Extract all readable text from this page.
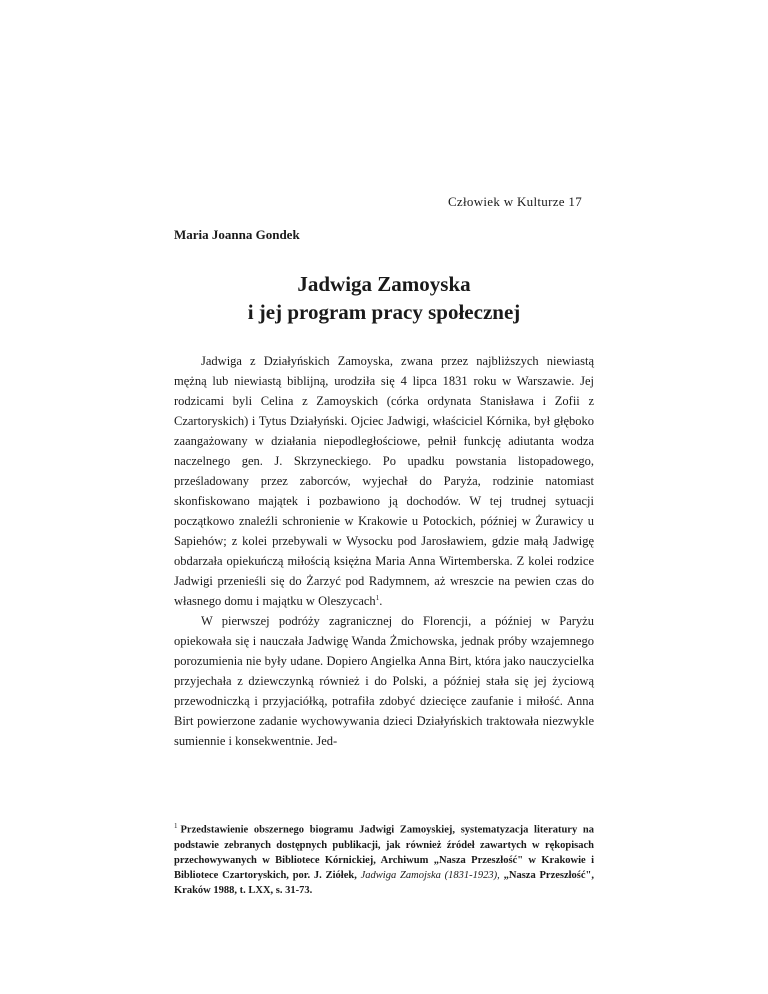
Człowiek w Kulturze 17
Maria Joanna Gondek
Jadwiga Zamoyska
i jej program pracy społecznej

Jadwiga z Działyńskich Zamoyska, zwana przez najbliższych niewiastą mężną lub niewiastą biblijną, urodziła się 4 lipca 1831 roku w Warszawie. Jej rodzicami byli Celina z Zamoyskich (córka ordynata Stanisława i Zofii z Czartoryskich) i Tytus Działyński. Ojciec Jadwigi, właściciel Kórnika, był głęboko zaangażowany w działania niepodległościowe, pełnił funkcję adiutanta wodza naczelnego gen. J. Skrzyneckiego. Po upadku powstania listopadowego, prześladowany przez zaborców, wyjechał do Paryża, rodzinie natomiast skonfiskowano majątek i pozbawiono ją dochodów. W tej trudnej sytuacji początkowo znaleźli schronienie w Krakowie u Potockich, później w Żurawicy u Sapiehów; z kolei przebywali w Wysocku pod Jarosławiem, gdzie małą Jadwigę obdarzała opiekuńczą miłością księżna Maria Anna Wirtemberska. Z kolei rodzice Jadwigi przenieśli się do Żarzyć pod Radymnem, aż wreszcie na pewien czas do własnego domu i majątku w Oleszycach$^1$.

W pierwszej podróży zagranicznej do Florencji, a później w Paryżu opiekowała się i nauczała Jadwigę Wanda Żmichowska, jednak próby wzajemnego porozumienia nie były udane. Dopiero Angielka Anna Birt, która jako nauczycielka przyjechała z dziewczynką również i do Polski, a później stała się jej życiową przewodniczką i przyjaciółką, potrafiła zdobyć dziecięce zaufanie i miłość. Anna Birt powierzone zadanie wychowywania dzieci Działyńskich traktowała niezwykle sumiennie i konsekwentnie. Jed-

$^1$ Przedstawienie obszernego biogramu Jadwigi Zamoyskiej, systematyzacja literatury na podstawie zebranych dostępnych publikacji, jak również źródeł zawartych w rękopisach przechowywanych w Bibliotece Kórnickiej, Archiwum „Nasza Przeszłość" w Krakowie i Bibliotece Czartoryskich, por. J. Ziółek, Jadwiga Zamojska (1831-1923), „Nasza Przeszłość", Kraków 1988, t. LXX, s. 31-73.
